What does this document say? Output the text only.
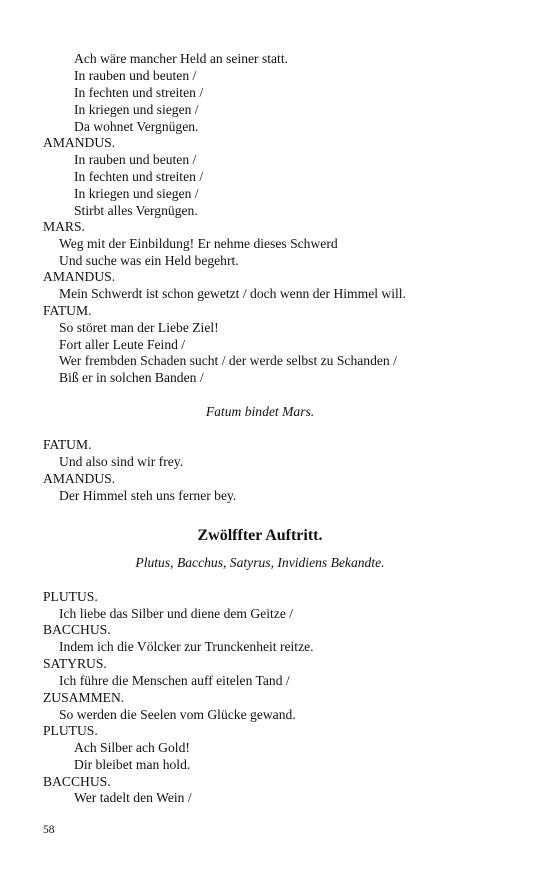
Ach wäre mancher Held an seiner statt.
In rauben und beuten /
In fechten und streiten /
In kriegen und siegen /
Da wohnet Vergnügen.
AMANDUS.
In rauben und beuten /
In fechten und streiten /
In kriegen und siegen /
Stirbt alles Vergnügen.
MARS.
Weg mit der Einbildung! Er nehme dieses Schwerd
Und suche was ein Held begehrt.
AMANDUS.
Mein Schwerdt ist schon gewetzt / doch wenn der Himmel will.
FATUM.
So störet man der Liebe Ziel!
Fort aller Leute Feind /
Wer frembden Schaden sucht / der werde selbst zu Schanden /
Biß er in solchen Banden /
Fatum bindet Mars.
FATUM.
Und also sind wir frey.
AMANDUS.
Der Himmel steh uns ferner bey.
Zwölffter Auftritt.
Plutus, Bacchus, Satyrus, Invidiens Bekandte.
PLUTUS.
Ich liebe das Silber und diene dem Geitze /
BACCHUS.
Indem ich die Völcker zur Trunckenheit reitze.
SATYRUS.
Ich führe die Menschen auff eitelen Tand /
ZUSAMMEN.
So werden die Seelen vom Glücke gewand.
PLUTUS.
Ach Silber ach Gold!
Dir bleibet man hold.
BACCHUS.
Wer tadelt den Wein /
58
